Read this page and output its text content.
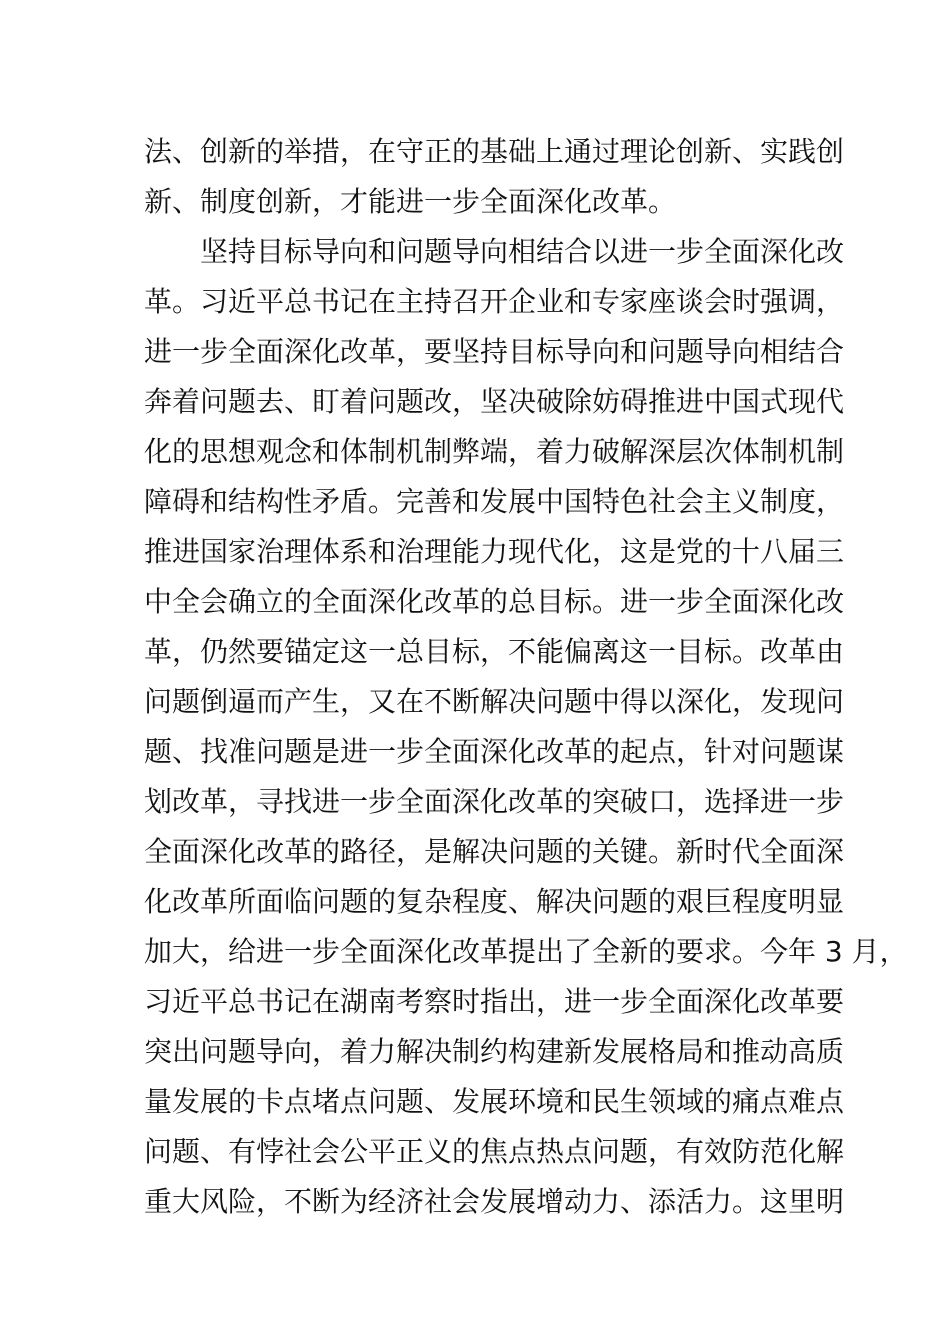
法、创新的举措，在守正的基础上通过理论创新、实践创
新、制度创新，才能进一步全面深化改革。
坚持目标导向和问题导向相结合以进一步全面深化改
革。习近平总书记在主持召开企业和专家座谈会时强调，
进一步全面深化改革，要坚持目标导向和问题导向相结合
奔着问题去、盯着问题改，坚决破除妨碍推进中国式现代
化的思想观念和体制机制弊端，着力破解深层次体制机制
障碍和结构性矛盾。完善和发展中国特色社会主义制度，
推进国家治理体系和治理能力现代化，这是党的十八届三
中全会确立的全面深化改革的总目标。进一步全面深化改
革，仍然要锚定这一总目标，不能偏离这一目标。改革由
问题倒逼而产生，又在不断解决问题中得以深化，发现问
题、找准问题是进一步全面深化改革的起点，针对问题谋
划改革，寻找进一步全面深化改革的突破口，选择进一步
全面深化改革的路径，是解决问题的关键。新时代全面深
化改革所面临问题的复杂程度、解决问题的艰巨程度明显
加大，给进一步全面深化改革提出了全新的要求。今年 3 月，
习近平总书记在湖南考察时指出，进一步全面深化改革要
突出问题导向，着力解决制约构建新发展格局和推动高质
量发展的卡点堵点问题、发展环境和民生领域的痛点难点
问题、有悖社会公平正义的焦点热点问题，有效防范化解
重大风险，不断为经济社会发展增动力、添活力。这里明
